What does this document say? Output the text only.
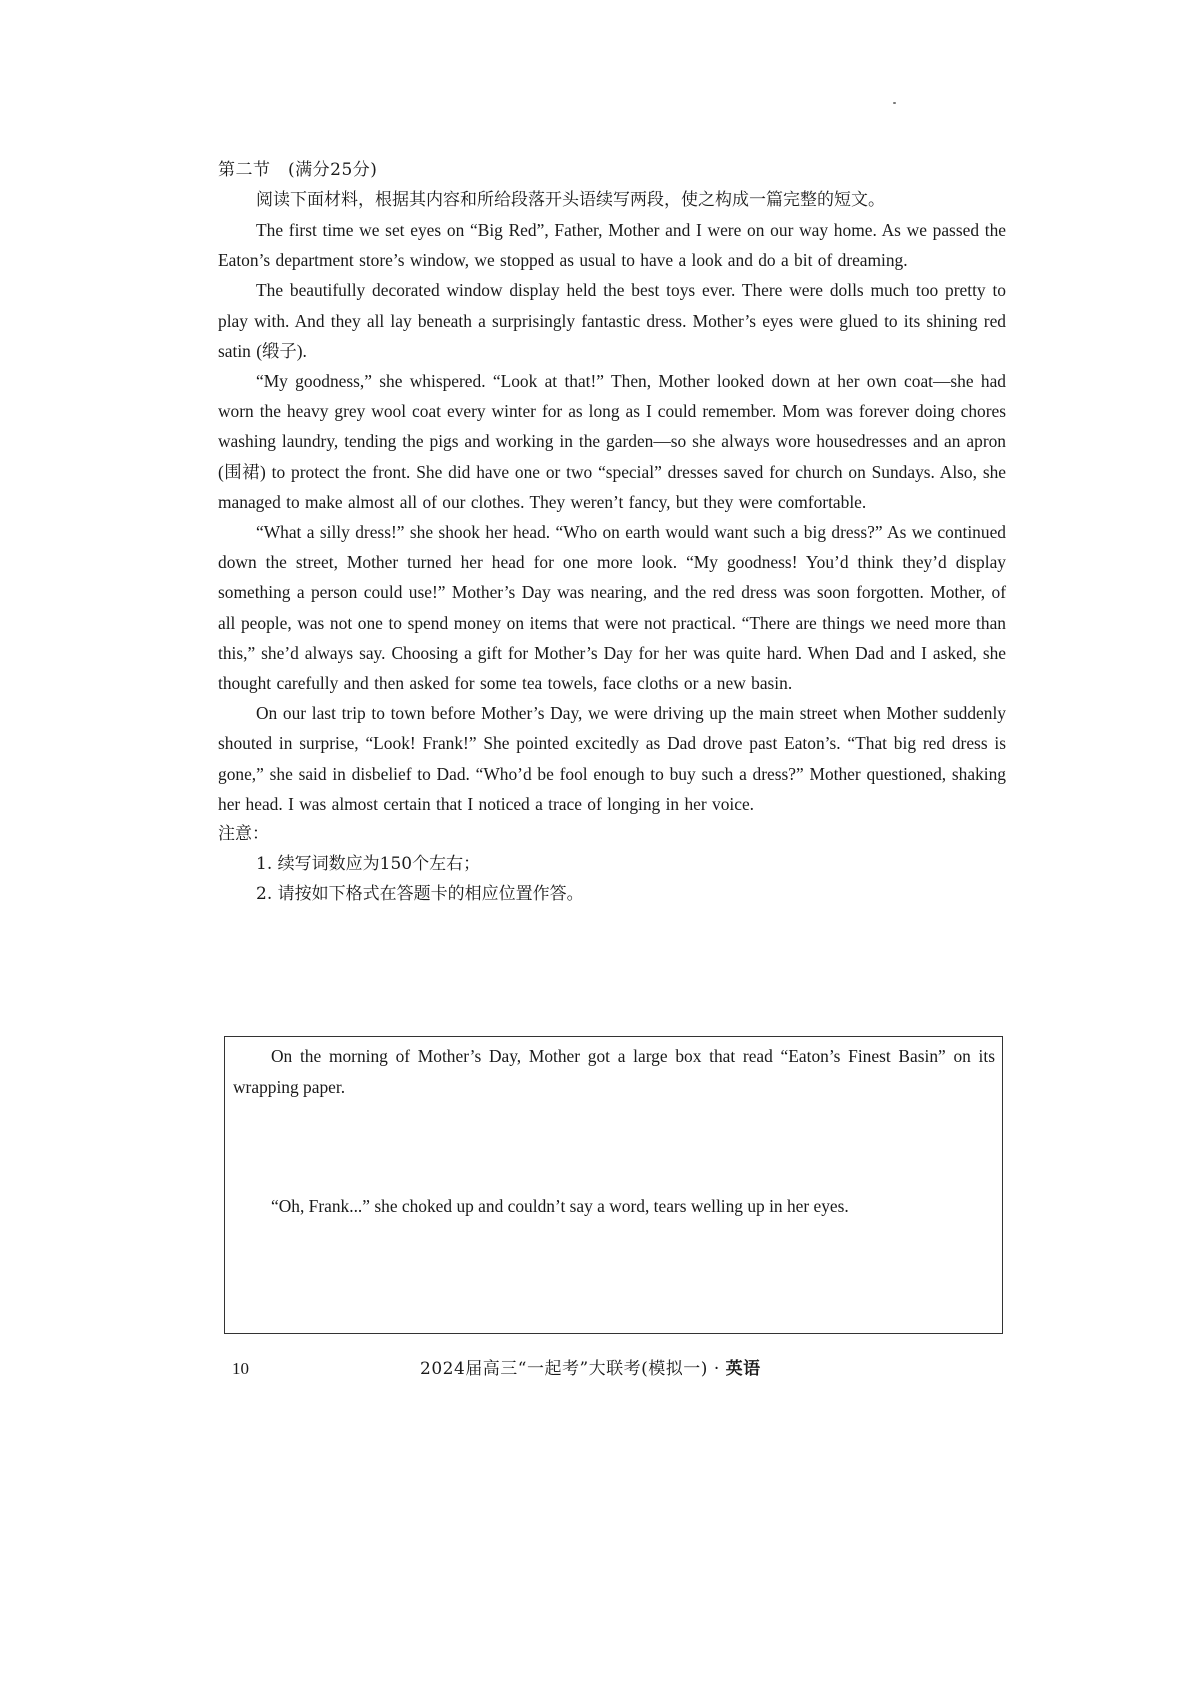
第二节　(满分25分)

阅读下面材料，根据其内容和所给段落开头语续写两段，使之构成一篇完整的短文。

The first time we set eyes on “Big Red”, Father, Mother and I were on our way home. As we passed the Eaton’s department store’s window, we stopped as usual to have a look and do a bit of dreaming.

The beautifully decorated window display held the best toys ever. There were dolls much too pretty to play with. And they all lay beneath a surprisingly fantastic dress. Mother’s eyes were glued to its shining red satin (缎子).

“My goodness,” she whispered. “Look at that!” Then, Mother looked down at her own coat—she had worn the heavy grey wool coat every winter for as long as I could remember. Mom was forever doing chores washing laundry, tending the pigs and working in the garden—so she always wore housedresses and an apron (围裙) to protect the front. She did have one or two “special” dresses saved for church on Sundays. Also, she managed to make almost all of our clothes. They weren’t fancy, but they were comfortable.

“What a silly dress!” she shook her head. “Who on earth would want such a big dress?” As we continued down the street, Mother turned her head for one more look. “My goodness! You’d think they’d display something a person could use!” Mother’s Day was nearing, and the red dress was soon forgotten. Mother, of all people, was not one to spend money on items that were not practical. “There are things we need more than this,” she’d always say. Choosing a gift for Mother’s Day for her was quite hard. When Dad and I asked, she thought carefully and then asked for some tea towels, face cloths or a new basin.

On our last trip to town before Mother’s Day, we were driving up the main street when Mother suddenly shouted in surprise, “Look! Frank!” She pointed excitedly as Dad drove past Eaton’s. “That big red dress is gone,” she said in disbelief to Dad. “Who’d be fool enough to buy such a dress?” Mother questioned, shaking her head. I was almost certain that I noticed a trace of longing in her voice.

注意：

1. 续写词数应为150个左右；

2. 请按如下格式在答题卡的相应位置作答。

On the morning of Mother’s Day, Mother got a large box that read “Eaton’s Finest Basin” on its wrapping paper.

“Oh, Frank...” she choked up and couldn’t say a word, tears welling up in her eyes.

10	2024届高三“一起考”大联考(模拟一) · 英语
